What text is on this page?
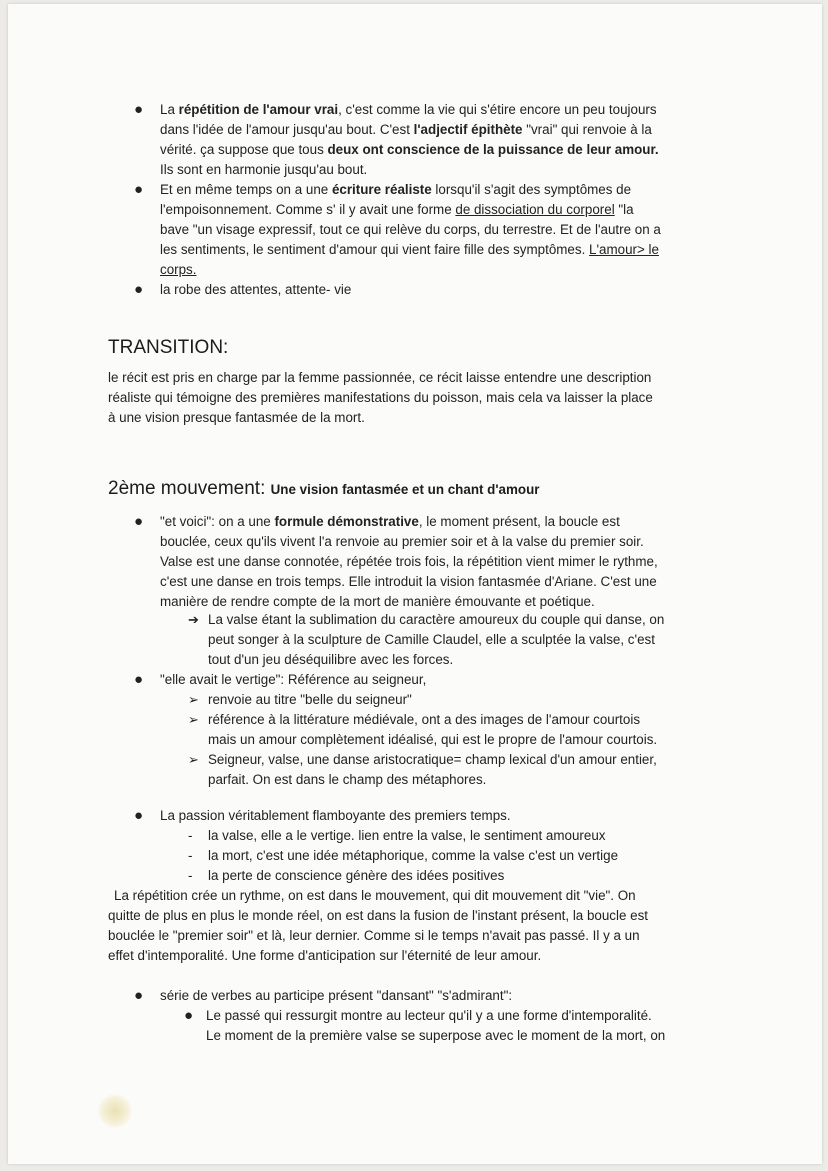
● La répétition de l'amour vrai, c'est comme la vie qui s'étire encore un peu toujours
dans l'idée de l'amour jusqu'au bout. C'est l'adjectif épithète "vrai" qui renvoie à la
vérité. ça suppose que tous deux ont conscience de la puissance de leur amour.
Ils sont en harmonie jusqu'au bout.
● Et en même temps on a une écriture réaliste lorsqu'il s'agit des symptômes de
l'empoisonnement. Comme s' il y avait une forme de dissociation du corporel "la
bave "un visage expressif, tout ce qui relève du corps, du terrestre. Et de l'autre on a
les sentiments, le sentiment d'amour qui vient faire fille des symptômes. L'amour> le
corps.
● la robe des attentes, attente- vie
TRANSITION:
le récit est pris en charge par la femme passionnée, ce récit laisse entendre une description
réaliste qui témoigne des premières manifestations du poisson, mais cela va laisser la place
à une vision presque fantasmée de la mort.
2ème mouvement: Une vision fantasmée et un chant d'amour
● "et voici": on a une formule démonstrative, le moment présent, la boucle est
bouclée, ceux qu'ils vivent l'a renvoie au premier soir et à la valse du premier soir.
Valse est une danse connotée, répétée trois fois, la répétition vient mimer le rythme,
c'est une danse en trois temps. Elle introduit la vision fantasmée d'Ariane. C'est une
manière de rendre compte de la mort de manière émouvante et poétique.
➔ La valse étant la sublimation du caractère amoureux du couple qui danse, on
peut songer à la sculpture de Camille Claudel, elle a sculptée la valse, c'est
tout d'un jeu déséquilibre avec les forces.
● "elle avait le vertige": Référence au seigneur,
➢ renvoie au titre "belle du seigneur"
➢ référence à la littérature médiévale, ont a des images de l'amour courtois
mais un amour complètement idéalisé, qui est le propre de l'amour courtois.
➢ Seigneur, valse, une danse aristocratique= champ lexical d'un amour entier,
parfait. On est dans le champ des métaphores.
● La passion véritablement flamboyante des premiers temps.
- la valse, elle a le vertige. lien entre la valse, le sentiment amoureux
- la mort, c'est une idée métaphorique, comme la valse c'est un vertige
- la perte de conscience génère des idées positives
La répétition crée un rythme, on est dans le mouvement, qui dit mouvement dit "vie". On
quitte de plus en plus le monde réel, on est dans la fusion de l'instant présent, la boucle est
bouclée le "premier soir" et là, leur dernier. Comme si le temps n'avait pas passé. Il y a un
effet d'intemporalité. Une forme d'anticipation sur l'éternité de leur amour.
● série de verbes au participe présent "dansant" "s'admirant":
● Le passé qui ressurgit montre au lecteur qu'il y a une forme d'intemporalité.
Le moment de la première valse se superpose avec le moment de la mort, on
